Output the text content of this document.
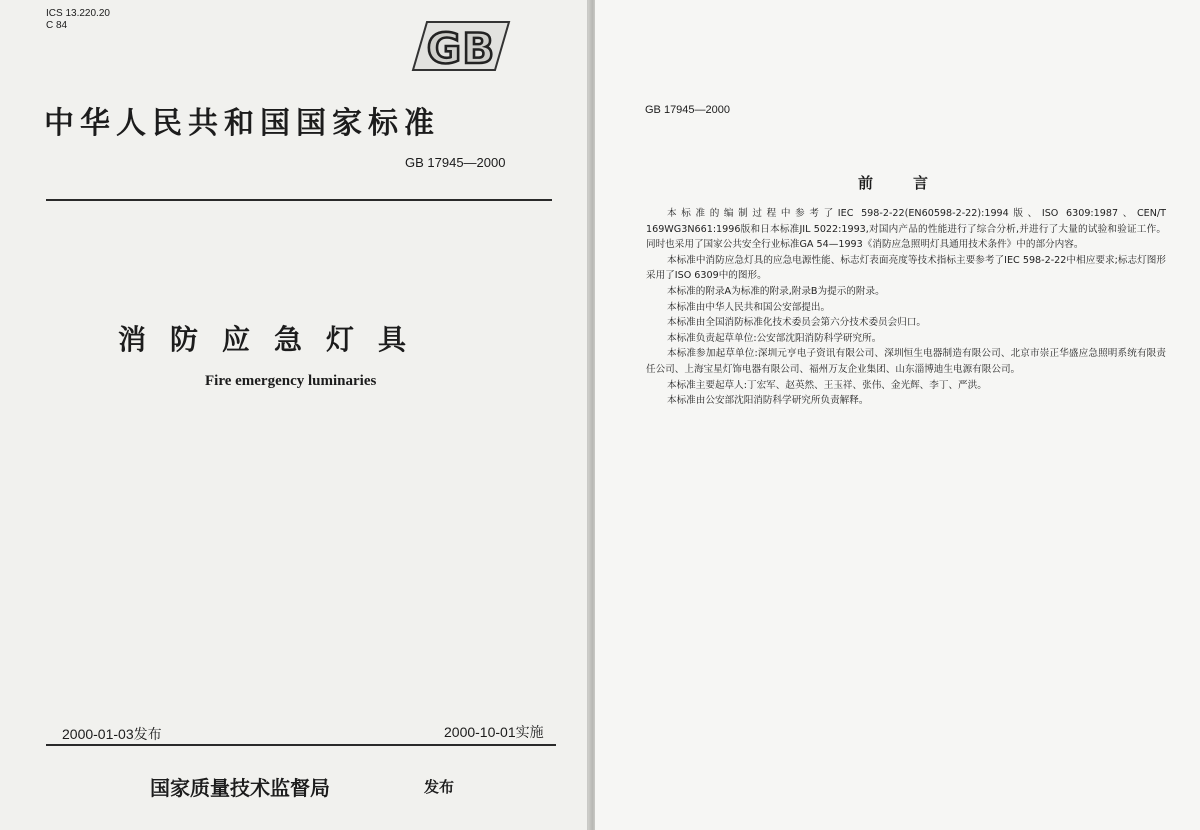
ICS 13.220.20
C 84	GB
中华人民共和国国家标准
GB 17945—2000
消防应急灯具
Fire emergency luminaries
2000-01-03发布	2000-10-01实施
国家质量技术监督局	发布
GB 17945—2000
前言

本标准的编制过程中参考了IEC 598-2-22(EN60598-2-22):1994版、ISO 6309:1987、CEN/T 169WG3N661:1996版和日本标准JIL 5022:1993,对国内产品的性能进行了综合分析,并进行了大量的试验和验证工作。同时也采用了国家公共安全行业标准GA 54—1993《消防应急照明灯具通用技术条件》中的部分内容。

本标准中消防应急灯具的应急电源性能、标志灯表面亮度等技术指标主要参考了IEC 598-2-22中相应要求;标志灯图形采用了ISO 6309中的图形。

本标准的附录A为标准的附录,附录B为提示的附录。

本标准由中华人民共和国公安部提出。

本标准由全国消防标准化技术委员会第六分技术委员会归口。

本标准负责起草单位:公安部沈阳消防科学研究所。

本标准参加起草单位:深圳元亨电子资讯有限公司、深圳恒生电器制造有限公司、北京市崇正华盛应急照明系统有限责任公司、上海宝星灯饰电器有限公司、福州万友企业集团、山东淄博迪生电源有限公司。

本标准主要起草人:丁宏军、赵英然、王玉祥、张伟、金光辉、李丁、严洪。

本标准由公安部沈阳消防科学研究所负责解释。
